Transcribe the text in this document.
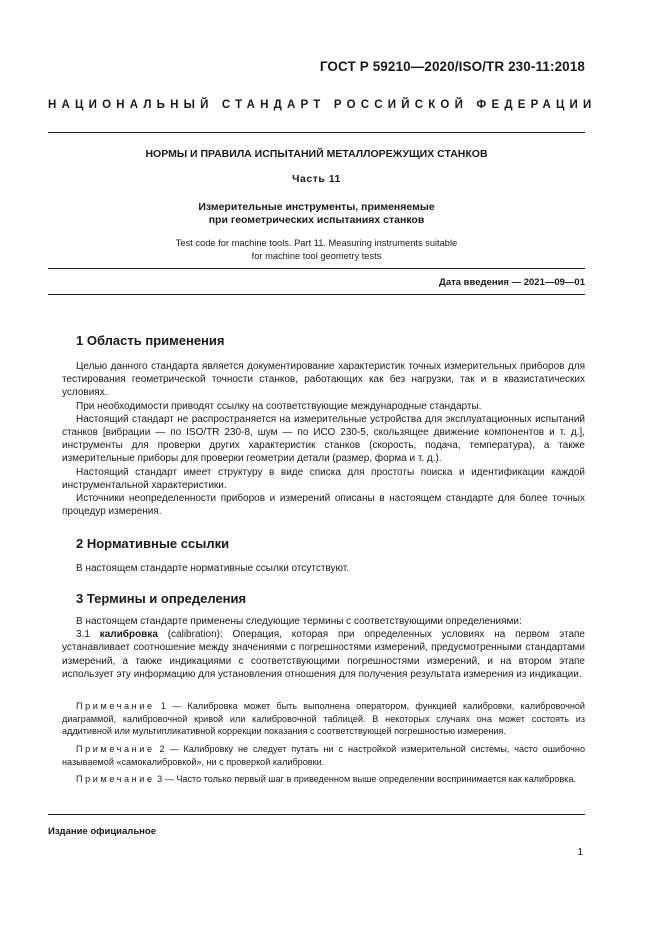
ГОСТ Р 59210—2020/ISO/TR 230-11:2018
НАЦИОНАЛЬНЫЙ СТАНДАРТ РОССИЙСКОЙ ФЕДЕРАЦИИ
НОРМЫ И ПРАВИЛА ИСПЫТАНИЙ МЕТАЛЛОРЕЖУЩИХ СТАНКОВ
Часть 11
Измерительные инструменты, применяемые
при геометрических испытаниях станков
Test code for machine tools. Part 11. Measuring instruments suitable
for machine tool geometry tests
Дата введения — 2021—09—01
1 Область применения

Целью данного стандарта является документирование характеристик точных измерительных приборов для тестирования геометрической точности станков, работающих как без нагрузки, так и в квазистатических условиях.

При необходимости приводят ссылку на соответствующие международные стандарты.

Настоящий стандарт не распространяется на измерительные устройства для эксплуатационных испытаний станков [вибрации — по ISO/TR 230-8, шум — по ИСО 230-5, скользящее движение компонентов и т. д.], инструменты для проверки других характеристик станков (скорость, подача, температура), а также измерительные приборы для проверки геометрии детали (размер, форма и т. д.).

Настоящий стандарт имеет структуру в виде списка для простоты поиска и идентификации каждой инструментальной характеристики.

Источники неопределенности приборов и измерений описаны в настоящем стандарте для более точных процедур измерения.

2 Нормативные ссылки

В настоящем стандарте нормативные ссылки отсутствуют.

3 Термины и определения

В настоящем стандарте применены следующие термины с соответствующими определениями:

3.1 калибровка (calibration): Операция, которая при определенных условиях на первом этапе устанавливает соотношение между значениями с погрешностями измерений, предусмотренными стандартами измерений, а также индикациями с соответствующими погрешностями измерений, и на втором этапе использует эту информацию для установления отношения для получения результата измерения из индикации.

Примечание 1 — Калибровка может быть выполнена оператором, функцией калибровки, калибровочной диаграммой, калибровочной кривой или калибровочной таблицей. В некоторых случаях она может состоять из аддитивной или мультипликативной коррекции показания с соответствующей погрешностью измерения.

Примечание 2 — Калибровку не следует путать ни с настройкой измерительной системы, часто ошибочно называемой «самокалибровкой», ни с проверкой калибровки.

Примечание 3 — Часто только первый шаг в приведенном выше определении воспринимается как калибровка.

Издание официальное
1
